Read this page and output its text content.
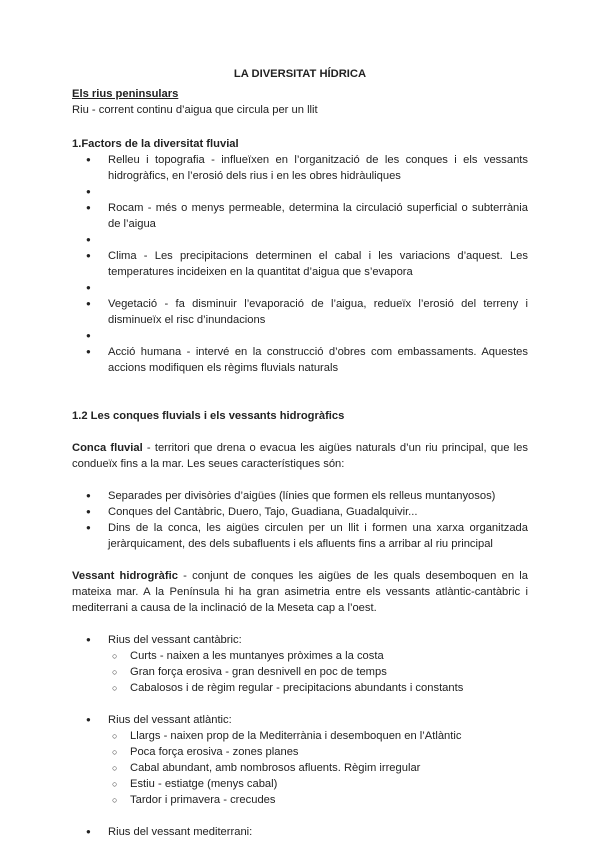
LA DIVERSITAT HÍDRICA

Els rius peninsulars

Riu - corrent continu d’aigua que circula per un llit

1.Factors de la diversitat fluvial

● Relleu i topografia - influeïxen en l’organització de les conques i els vessants hidrogràfics, en l’erosió dels rius i en les obres hidràuliques
●
● Rocam - més o menys permeable, determina la circulació superficial o subterrània de l’aigua
●
● Clima - Les precipitacions determinen el cabal i les variacions d’aquest. Les temperatures incideixen en la quantitat d’aigua que s’evapora
●
● Vegetació - fa disminuir l’evaporació de l’aigua, redueïx l’erosió del terreny i disminueïx el risc d’inundacions
●
● Acció humana - intervé en la construcció d’obres com embassaments. Aquestes accions modifiquen els règims fluvials naturals

1.2 Les conques fluvials i els vessants hidrogràfics

Conca fluvial - territori que drena o evacua les aigües naturals d’un riu principal, que les condueïx fins a la mar. Les seues característiques són:

● Separades per divisòries d’aigües (línies que formen els relleus muntanyosos)
● Conques del Cantàbric, Duero, Tajo, Guadiana, Guadalquivir...
● Dins de la conca, les aigües circulen per un llit i formen una xarxa organitzada jeràrquicament, des dels subafluents i els afluents fins a arribar al riu principal

Vessant hidrogràfic - conjunt de conques les aigües de les quals desemboquen en la mateixa mar. A la Península hi ha gran asimetria entre els vessants atlàntic-cantàbric i mediterrani a causa de la inclinació de la Meseta cap a l’oest.

● Rius del vessant cantàbric:
○ Curts - naixen a les muntanyes pròximes a la costa
○ Gran força erosiva - gran desnivell en poc de temps
○ Cabalosos i de règim regular - precipitacions abundants i constants
● Rius del vessant atlàntic:
○ Llargs - naixen prop de la Mediterrània i desemboquen en l’Atlàntic
○ Poca força erosiva - zones planes
○ Cabal abundant, amb nombrosos afluents. Règim irregular
○ Estiu - estiatge (menys cabal)
○ Tardor i primavera - crecudes
● Rius del vessant mediterrani:
